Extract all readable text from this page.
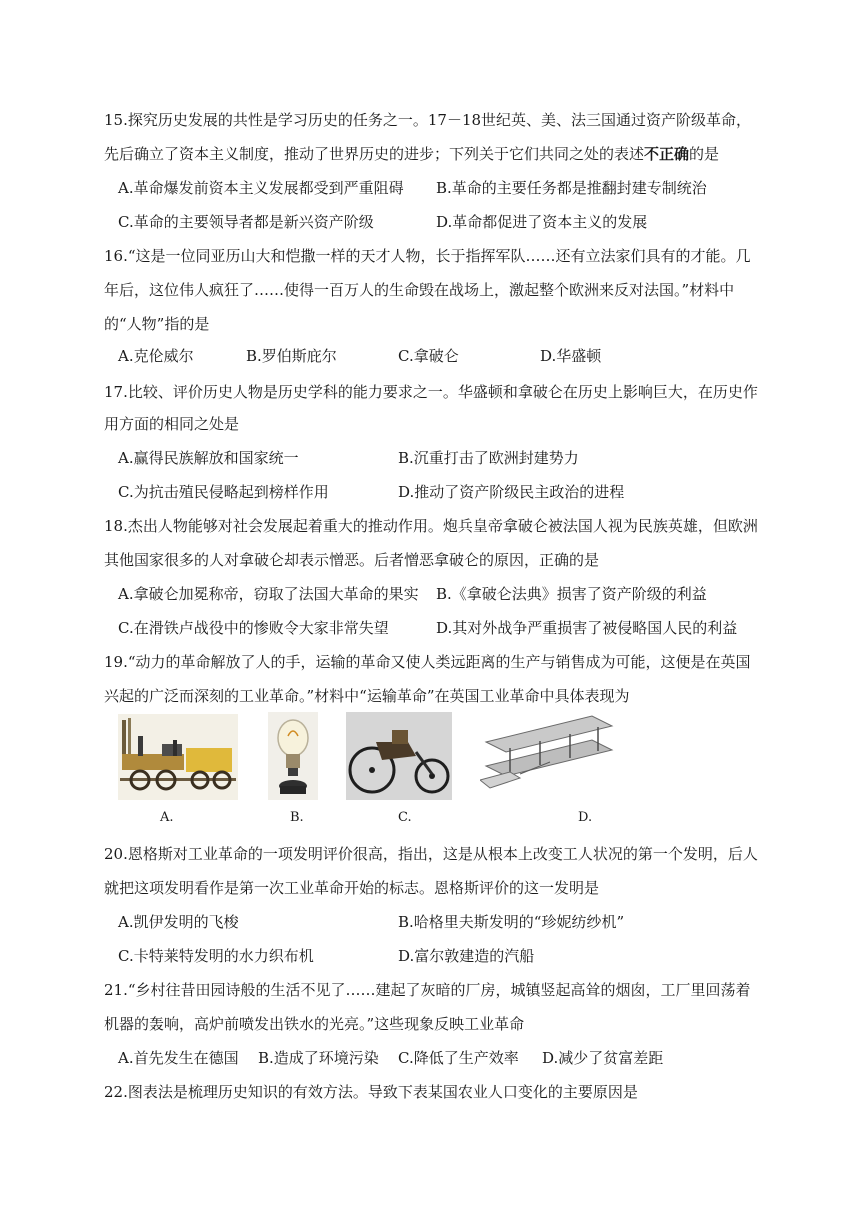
15.探究历史发展的共性是学习历史的任务之一。17－18世纪英、美、法三国通过资产阶级革命，
先后确立了资本主义制度，推动了世界历史的进步；下列关于它们共同之处的表述不正确的是
A.革命爆发前资本主义发展都受到严重阻碍 B.革命的主要任务都是推翻封建专制统治
C.革命的主要领导者都是新兴资产阶级	D.革命都促进了资本主义的发展
16.“这是一位同亚历山大和恺撒一样的天才人物，长于指挥军队……还有立法家们具有的才能。几
年后，这位伟人疯狂了……使得一百万人的生命毁在战场上，激起整个欧洲来反对法国。”材料中
的“人物”指的是
A.克伦威尔	B.罗伯斯庇尔	C.拿破仑	D.华盛顿
17.比较、评价历史人物是历史学科的能力要求之一。华盛顿和拿破仑在历史上影响巨大，在历史作
用方面的相同之处是
A.赢得民族解放和国家统一	B.沉重打击了欧洲封建势力
C.为抗击殖民侵略起到榜样作用	D.推动了资产阶级民主政治的进程
18.杰出人物能够对社会发展起着重大的推动作用。炮兵皇帝拿破仑被法国人视为民族英雄，但欧洲
其他国家很多的人对拿破仑却表示憎恶。后者憎恶拿破仑的原因，正确的是
A.拿破仑加冕称帝，窃取了法国大革命的果实 B.《拿破仑法典》损害了资产阶级的利益
C.在滑铁卢战役中的惨败令大家非常失望	D.其对外战争严重损害了被侵略国人民的利益
19.“动力的革命解放了人的手，运输的革命又使人类远距离的生产与销售成为可能，这便是在英国
兴起的广泛而深刻的工业革命。”材料中“运输革命”在英国工业革命中具体表现为
A.	B.	C.	D.
20.恩格斯对工业革命的一项发明评价很高，指出，这是从根本上改变工人状况的第一个发明，后人
就把这项发明看作是第一次工业革命开始的标志。恩格斯评价的这一发明是
A.凯伊发明的飞梭	B.哈格里夫斯发明的“珍妮纺纱机”
C.卡特莱特发明的水力织布机	D.富尔敦建造的汽船
21.“乡村往昔田园诗般的生活不见了……建起了灰暗的厂房，城镇竖起高耸的烟囱，工厂里回荡着
机器的轰响，高炉前喷发出铁水的光亮。”这些现象反映工业革命
A.首先发生在德国 B.造成了环境污染 C.降低了生产效率 D.减少了贫富差距
22.图表法是梳理历史知识的有效方法。导致下表某国农业人口变化的主要原因是
